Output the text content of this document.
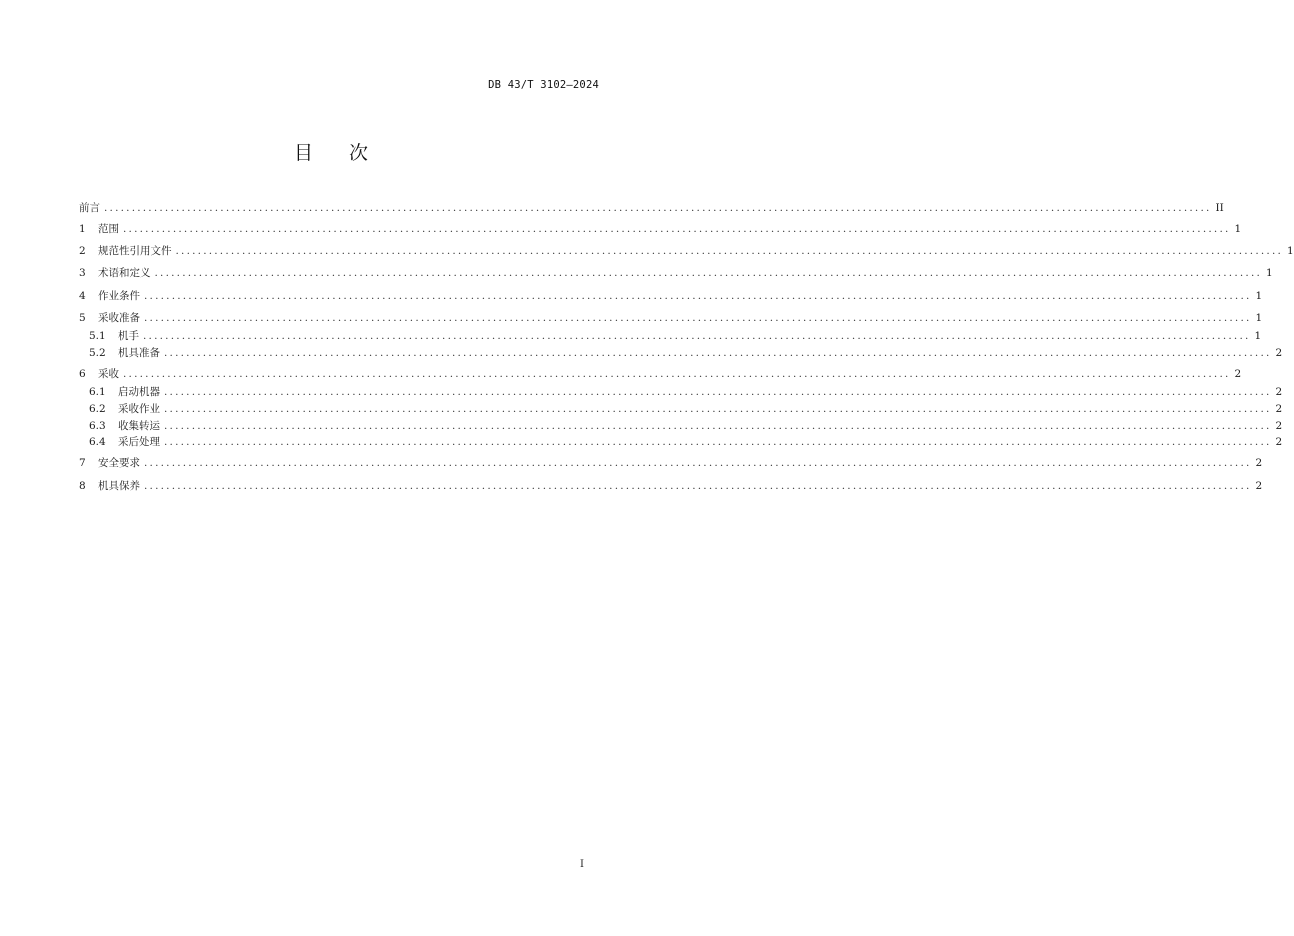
DB 43/T 3102—2024
目 次
前言 ........................................................................................................................................................................................................ II
1	范围 ........................................................................................................................................................................................................ 1
2	规范性引用文件 ........................................................................................................................................................................................................ 1
3	术语和定义 ........................................................................................................................................................................................................ 1
4	作业条件 ........................................................................................................................................................................................................ 1
5	采收准备 ........................................................................................................................................................................................................ 1
5.1	机手 ........................................................................................................................................................................................................ 1
5.2	机具准备 ........................................................................................................................................................................................................ 2
6	采收 ........................................................................................................................................................................................................ 2
6.1	启动机器 ........................................................................................................................................................................................................ 2
6.2	采收作业 ........................................................................................................................................................................................................ 2
6.3	收集转运 ........................................................................................................................................................................................................ 2
6.4	采后处理 ........................................................................................................................................................................................................ 2
7	安全要求 ........................................................................................................................................................................................................ 2
8	机具保养 ........................................................................................................................................................................................................ 2
I
